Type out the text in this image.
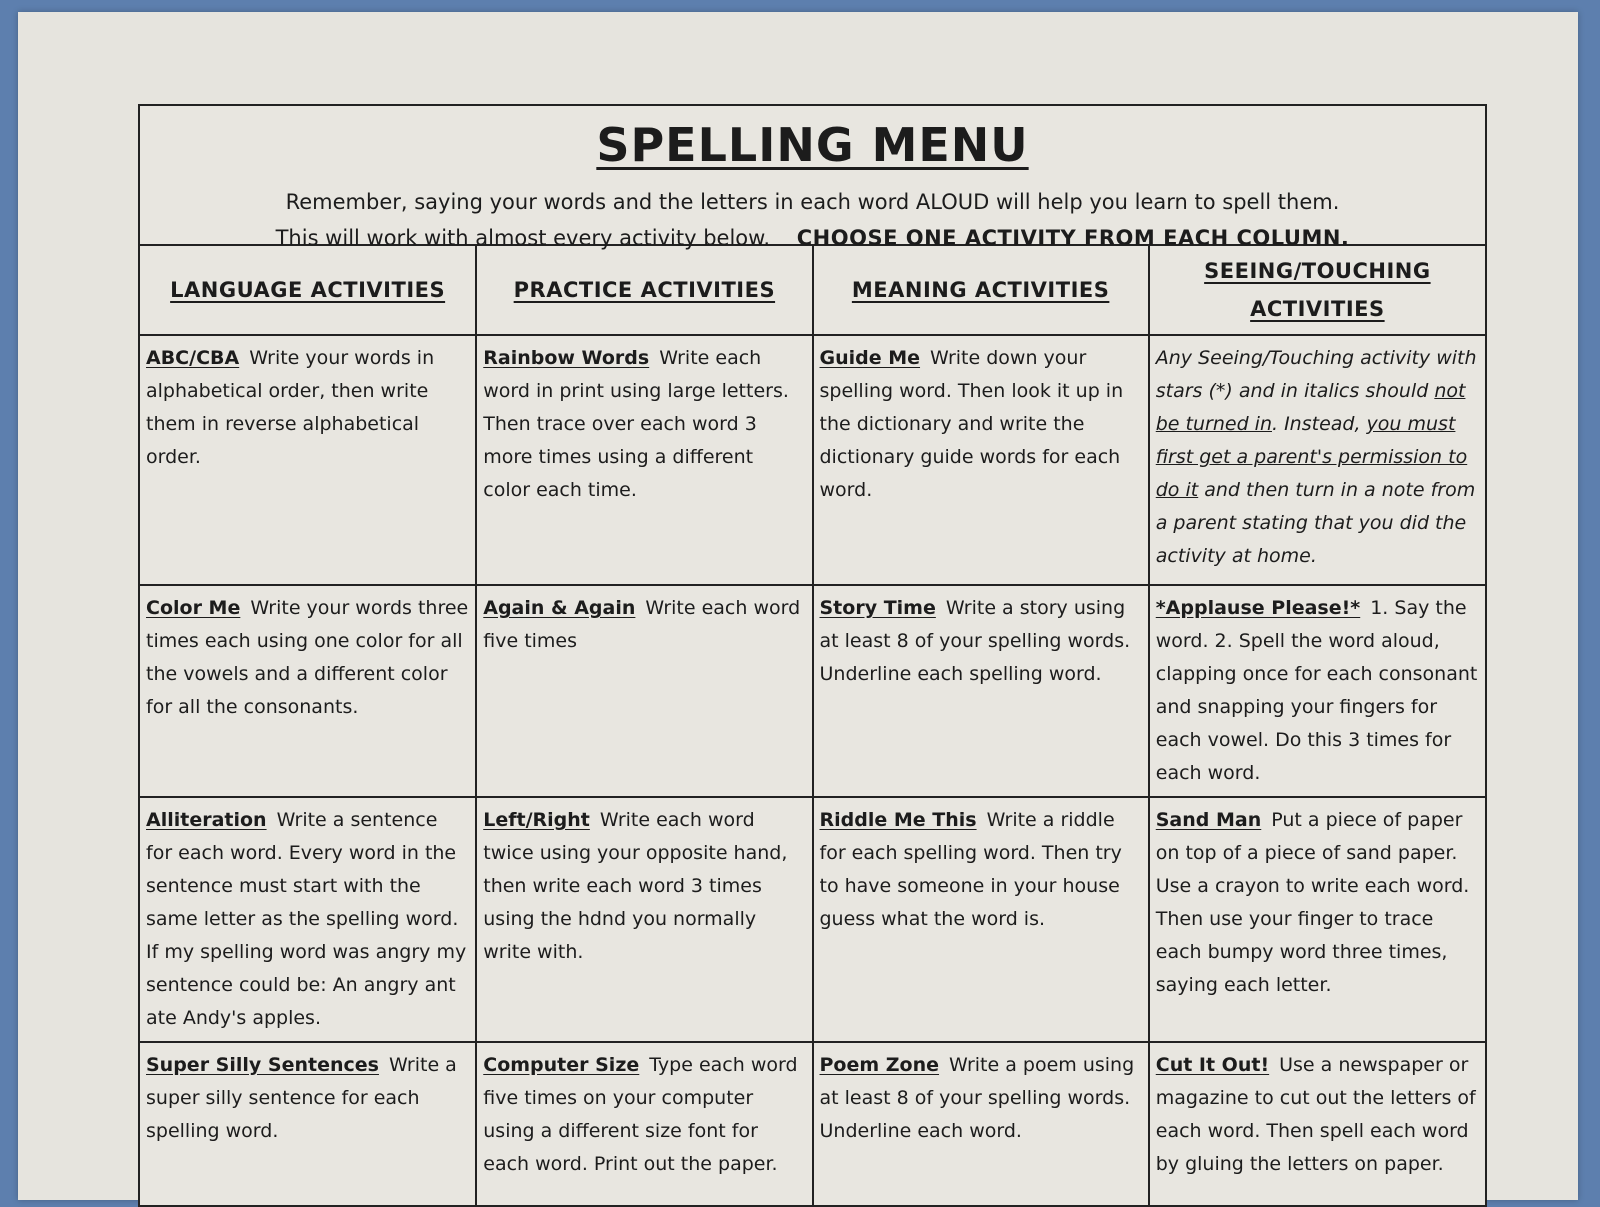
SPELLING MENU
Remember, saying your words and the letters in each word ALOUD will help you learn to spell them.
This will work with almost every activity below. CHOOSE ONE ACTIVITY FROM EACH COLUMN.
LANGUAGE ACTIVITIES	PRACTICE ACTIVITIES	MEANING ACTIVITIES	SEEING/TOUCHING ACTIVITIES
ABC/CBA Write your words in alphabetical order, then write them in reverse alphabetical order.	Rainbow Words Write each word in print using large letters. Then trace over each word 3 more times using a different color each time.	Guide Me Write down your spelling word. Then look it up in the dictionary and write the dictionary guide words for each word.	Any Seeing/Touching activity with stars (*) and in italics should not be turned in. Instead, you must first get a parent's permission to do it and then turn in a note from a parent stating that you did the activity at home.
Color Me Write your words three times each using one color for all the vowels and a different color for all the consonants.	Again & Again Write each word five times	Story Time Write a story using at least 8 of your spelling words. Underline each spelling word.	*Applause Please!* 1. Say the word. 2. Spell the word aloud, clapping once for each consonant and snapping your fingers for each vowel. Do this 3 times for each word.
Alliteration Write a sentence for each word. Every word in the sentence must start with the same letter as the spelling word. If my spelling word was angry my sentence could be: An angry ant ate Andy's apples.	Left/Right Write each word twice using your opposite hand, then write each word 3 times using the hdnd you normally write with.	Riddle Me This Write a riddle for each spelling word. Then try to have someone in your house guess what the word is.	Sand Man Put a piece of paper on top of a piece of sand paper. Use a crayon to write each word. Then use your finger to trace each bumpy word three times, saying each letter.
Super Silly Sentences Write a super silly sentence for each spelling word.	Computer Size Type each word five times on your computer using a different size font for each word. Print out the paper.	Poem Zone Write a poem using at least 8 of your spelling words. Underline each word.	Cut It Out! Use a newspaper or magazine to cut out the letters of each word. Then spell each word by gluing the letters on paper.
